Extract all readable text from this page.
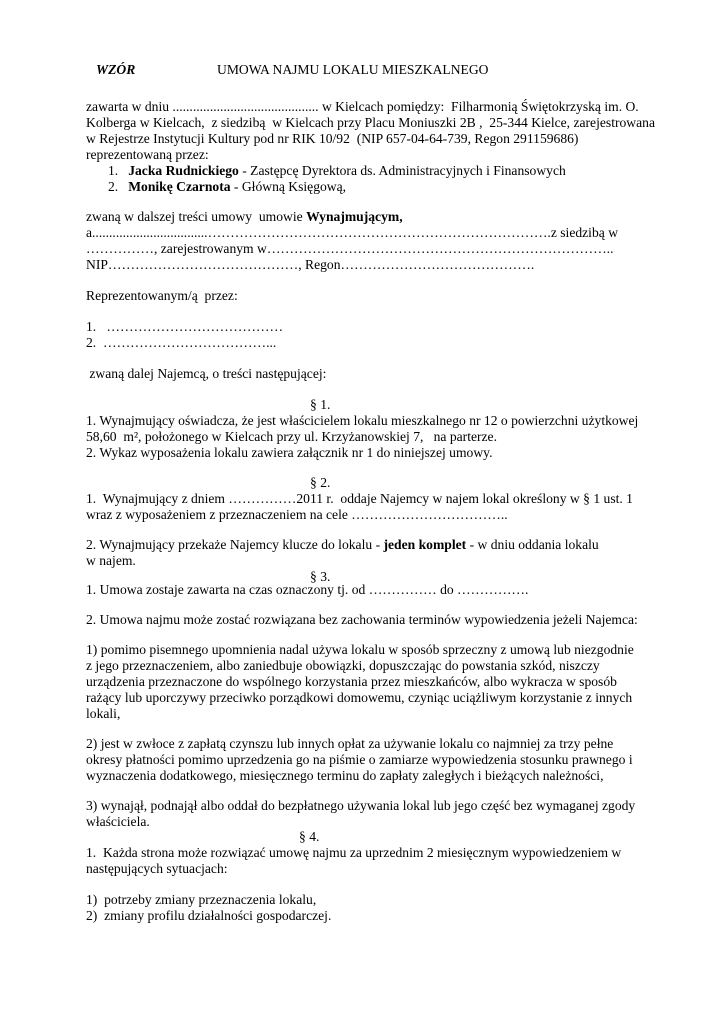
WZÓR	UMOWA NAJMU LOKALU MIESZKALNEGO
zawarta w dniu ........................................... w Kielcach pomiędzy:  Filharmonią Świętokrzyską im. O.
Kolberga w Kielcach,  z siedzibą  w Kielcach przy Placu Moniuszki 2B ,  25-344 Kielce, zarejestrowana
w Rejestrze Instytucji Kultury pod nr RIK 10/92  (NIP 657-04-64-739, Regon 291159686)
reprezentowaną przez:
1. Jacka Rudnickiego - Zastępcę Dyrektora ds. Administracyjnych i Finansowych
2. Monikę Czarnota - Główną Księgową,
zwaną w dalszej treści umowy  umowie Wynajmującym,
a..................................………………………………………………………………….z siedzibą w
……………, zarejestrowanym w…………………………………………………………………..
NIP……………………………………, Regon…………………………………….
Reprezentowanym/ą  przez:
1.   …………………………………
2.  ………………………………...
zwaną dalej Najemcą, o treści następującej:
§ 1.
1. Wynajmujący oświadcza, że jest właścicielem lokalu mieszkalnego nr 12 o powierzchni użytkowej
58,60  m², położonego w Kielcach przy ul. Krzyżanowskiej 7,   na parterze.
2. Wykaz wyposażenia lokalu zawiera załącznik nr 1 do niniejszej umowy.
§ 2.
1.  Wynajmujący z dniem ……………2011 r.  oddaje Najemcy w najem lokal określony w § 1 ust. 1
wraz z wyposażeniem z przeznaczeniem na cele ……………………………..
2. Wynajmujący przekaże Najemcy klucze do lokalu - jeden komplet - w dniu oddania lokalu
w najem.
§ 3.
1. Umowa zostaje zawarta na czas oznaczony tj. od …………… do …………….
2. Umowa najmu może zostać rozwiązana bez zachowania terminów wypowiedzenia jeżeli Najemca:
1) pomimo pisemnego upomnienia nadal używa lokalu w sposób sprzeczny z umową lub niezgodnie
z jego przeznaczeniem, albo zaniedbuje obowiązki, dopuszczając do powstania szkód, niszczy
urządzenia przeznaczone do wspólnego korzystania przez mieszkańców, albo wykracza w sposób
rażący lub uporczywy przeciwko porządkowi domowemu, czyniąc uciążliwym korzystanie z innych
lokali,
2) jest w zwłoce z zapłatą czynszu lub innych opłat za używanie lokalu co najmniej za trzy pełne
okresy płatności pomimo uprzedzenia go na piśmie o zamiarze wypowiedzenia stosunku prawnego i
wyznaczenia dodatkowego, miesięcznego terminu do zapłaty zaległych i bieżących należności,
3) wynajął, podnajął albo oddał do bezpłatnego używania lokal lub jego część bez wymaganej zgody
właściciela.
§ 4.
1.  Każda strona może rozwiązać umowę najmu za uprzednim 2 miesięcznym wypowiedzeniem w
następujących sytuacjach:
1)  potrzeby zmiany przeznaczenia lokalu,
2)  zmiany profilu działalności gospodarczej.
